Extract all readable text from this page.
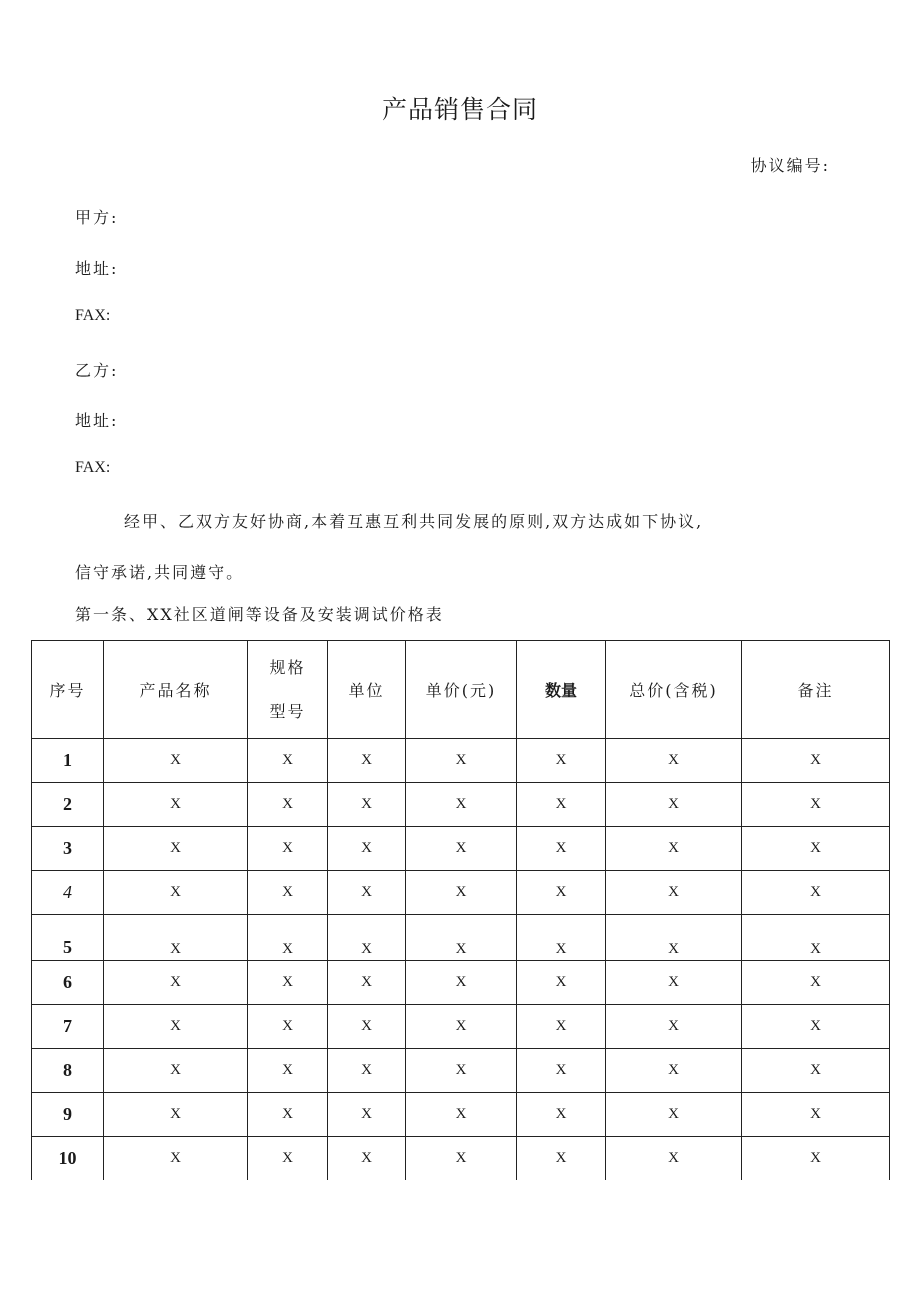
产品销售合同
协议编号:
甲方:
地址:
FAX:
乙方:
地址:
FAX:
经甲、乙双方友好协商,本着互惠互利共同发展的原则,双方达成如下协议,
信守承诺,共同遵守。
第一条、XX社区道闸等设备及安装调试价格表
序号	产品名称	规格型号	单位	单价(元)	数量	总价(含税)	备注
1	X	X	X	X	X	X	X
2	X	X	X	X	X	X	X
3	X	X	X	X	X	X	X
4	X	X	X	X	X	X	X
5	X	X	X	X	X	X	X
6	X	X	X	X	X	X	X
7	X	X	X	X	X	X	X
8	X	X	X	X	X	X	X
9	X	X	X	X	X	X	X
10	X	X	X	X	X	X	X
